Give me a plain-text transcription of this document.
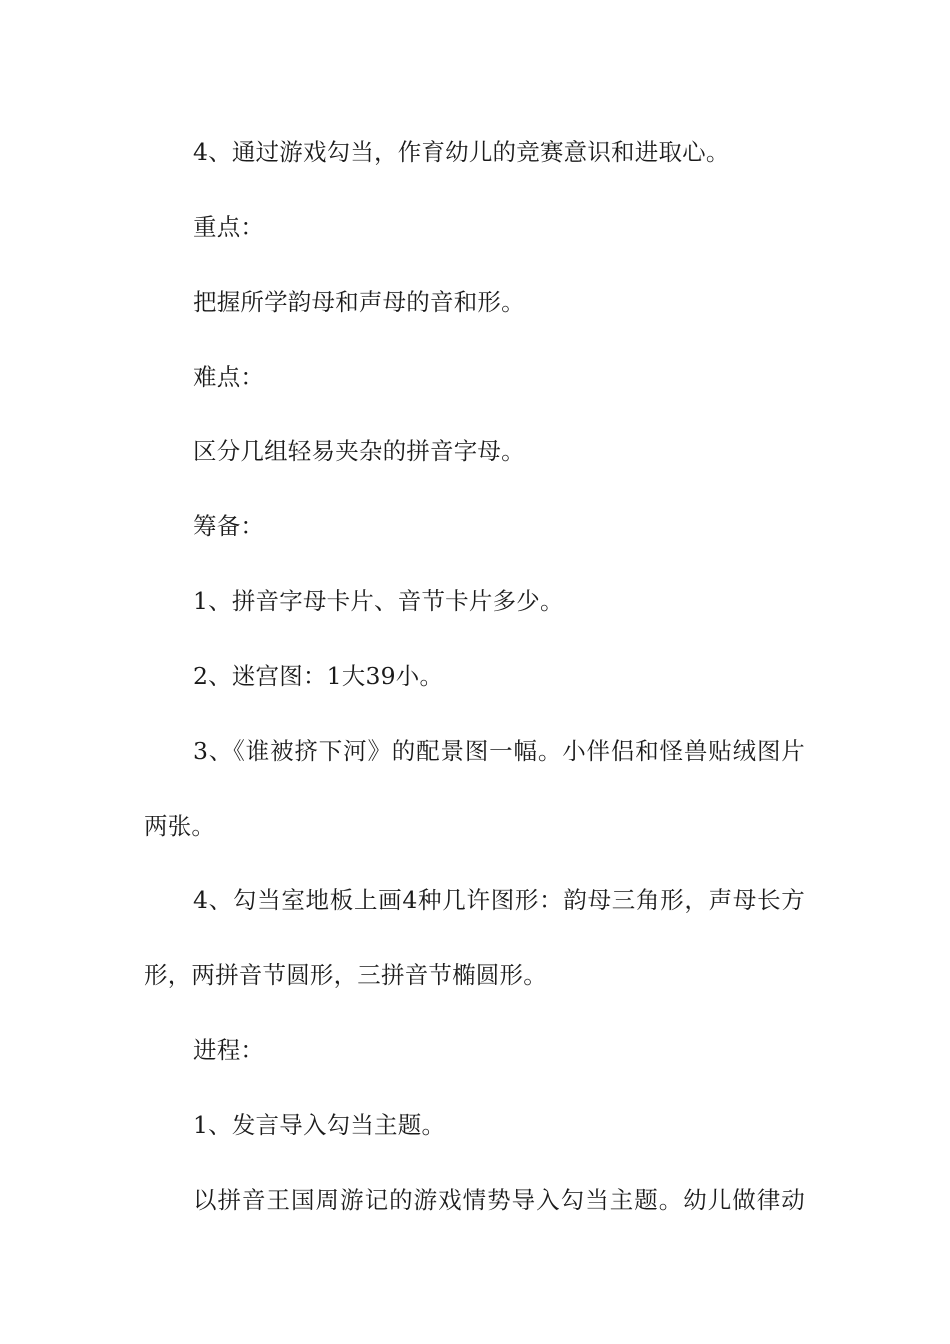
4、通过游戏勾当，作育幼儿的竞赛意识和进取心。

重点：

把握所学韵母和声母的音和形。

难点：

区分几组轻易夹杂的拼音字母。

筹备：

1、拼音字母卡片、音节卡片多少。

2、迷宫图：1大39小。

3、《谁被挤下河》的配景图一幅。小伴侣和怪兽贴绒图片

两张。

4、勾当室地板上画4种几许图形：韵母三角形，声母长方

形，两拼音节圆形，三拼音节椭圆形。

进程：

1、发言导入勾当主题。

以拼音王国周游记的游戏情势导入勾当主题。幼儿做律动
